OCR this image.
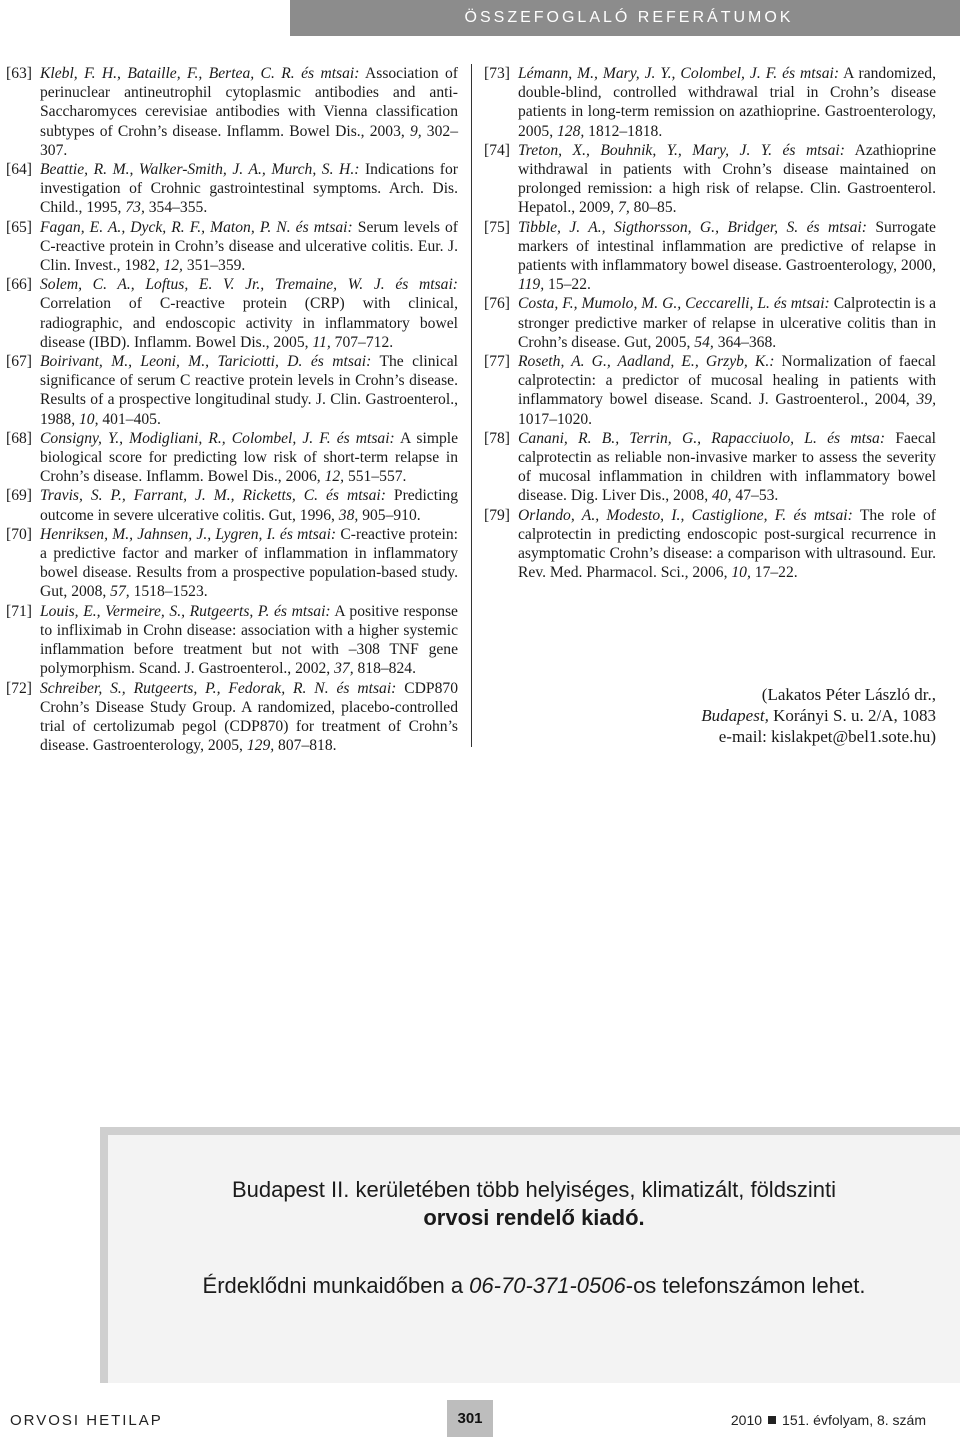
ÖSSZEFOGLALÓ REFERÁTUMOK
[63] Klebl, F. H., Bataille, F., Bertea, C. R. és mtsai: Association of perinuclear antineutrophil cytoplasmic antibodies and anti-Saccharomyces cerevisiae antibodies with Vienna classification subtypes of Crohn’s disease. Inflamm. Bowel Dis., 2003, 9, 302–307.
[64] Beattie, R. M., Walker-Smith, J. A., Murch, S. H.: Indications for investigation of Crohnic gastrointestinal symptoms. Arch. Dis. Child., 1995, 73, 354–355.
[65] Fagan, E. A., Dyck, R. F., Maton, P. N. és mtsai: Serum levels of C-reactive protein in Crohn’s disease and ulcerative colitis. Eur. J. Clin. Invest., 1982, 12, 351–359.
[66] Solem, C. A., Loftus, E. V. Jr., Tremaine, W. J. és mtsai: Correlation of C-reactive protein (CRP) with clinical, radiographic, and endoscopic activity in inflammatory bowel disease (IBD). Inflamm. Bowel Dis., 2005, 11, 707–712.
[67] Boirivant, M., Leoni, M., Tariciotti, D. és mtsai: The clinical significance of serum C reactive protein levels in Crohn’s disease. Results of a prospective longitudinal study. J. Clin. Gastroenterol., 1988, 10, 401–405.
[68] Consigny, Y., Modigliani, R., Colombel, J. F. és mtsai: A simple biological score for predicting low risk of short-term relapse in Crohn’s disease. Inflamm. Bowel Dis., 2006, 12, 551–557.
[69] Travis, S. P., Farrant, J. M., Ricketts, C. és mtsai: Predicting outcome in severe ulcerative colitis. Gut, 1996, 38, 905–910.
[70] Henriksen, M., Jahnsen, J., Lygren, I. és mtsai: C-reactive protein: a predictive factor and marker of inflammation in inflammatory bowel disease. Results from a prospective population-based study. Gut, 2008, 57, 1518–1523.
[71] Louis, E., Vermeire, S., Rutgeerts, P. és mtsai: A positive response to infliximab in Crohn disease: association with a higher systemic inflammation before treatment but not with –308 TNF gene polymorphism. Scand. J. Gastroenterol., 2002, 37, 818–824.
[72] Schreiber, S., Rutgeerts, P., Fedorak, R. N. és mtsai: CDP870 Crohn’s Disease Study Group. A randomized, placebo-controlled trial of certolizumab pegol (CDP870) for treatment of Crohn’s disease. Gastroenterology, 2005, 129, 807–818.
[73] Lémann, M., Mary, J. Y., Colombel, J. F. és mtsai: A randomized, double-blind, controlled withdrawal trial in Crohn’s disease patients in long-term remission on azathioprine. Gastroenterology, 2005, 128, 1812–1818.
[74] Treton, X., Bouhnik, Y., Mary, J. Y. és mtsai: Azathioprine withdrawal in patients with Crohn’s disease maintained on prolonged remission: a high risk of relapse. Clin. Gastroenterol. Hepatol., 2009, 7, 80–85.
[75] Tibble, J. A., Sigthorsson, G., Bridger, S. és mtsai: Surrogate markers of intestinal inflammation are predictive of relapse in patients with inflammatory bowel disease. Gastroenterology, 2000, 119, 15–22.
[76] Costa, F., Mumolo, M. G., Ceccarelli, L. és mtsai: Calprotectin is a stronger predictive marker of relapse in ulcerative colitis than in Crohn’s disease. Gut, 2005, 54, 364–368.
[77] Roseth, A. G., Aadland, E., Grzyb, K.: Normalization of faecal calprotectin: a predictor of mucosal healing in patients with inflammatory bowel disease. Scand. J. Gastroenterol., 2004, 39, 1017–1020.
[78] Canani, R. B., Terrin, G., Rapacciuolo, L. és mtsa: Faecal calprotectin as reliable non-invasive marker to assess the severity of mucosal inflammation in children with inflammatory bowel disease. Dig. Liver Dis., 2008, 40, 47–53.
[79] Orlando, A., Modesto, I., Castiglione, F. és mtsai: The role of calprotectin in predicting endoscopic post-surgical recurrence in asymptomatic Crohn’s disease: a comparison with ultrasound. Eur. Rev. Med. Pharmacol. Sci., 2006, 10, 17–22.
(Lakatos Péter László dr.,
Budapest, Korányi S. u. 2/A, 1083
e-mail: kislakpet@bel1.sote.hu)
Budapest II. kerületében több helyiséges, klimatizált, földszinti
orvosi rendelő kiadó.
Érdeklődni munkaidőben a 06-70-371-0506-os telefonszámon lehet.
ORVOSI HETILAP	301	2010 151. évfolyam, 8. szám
